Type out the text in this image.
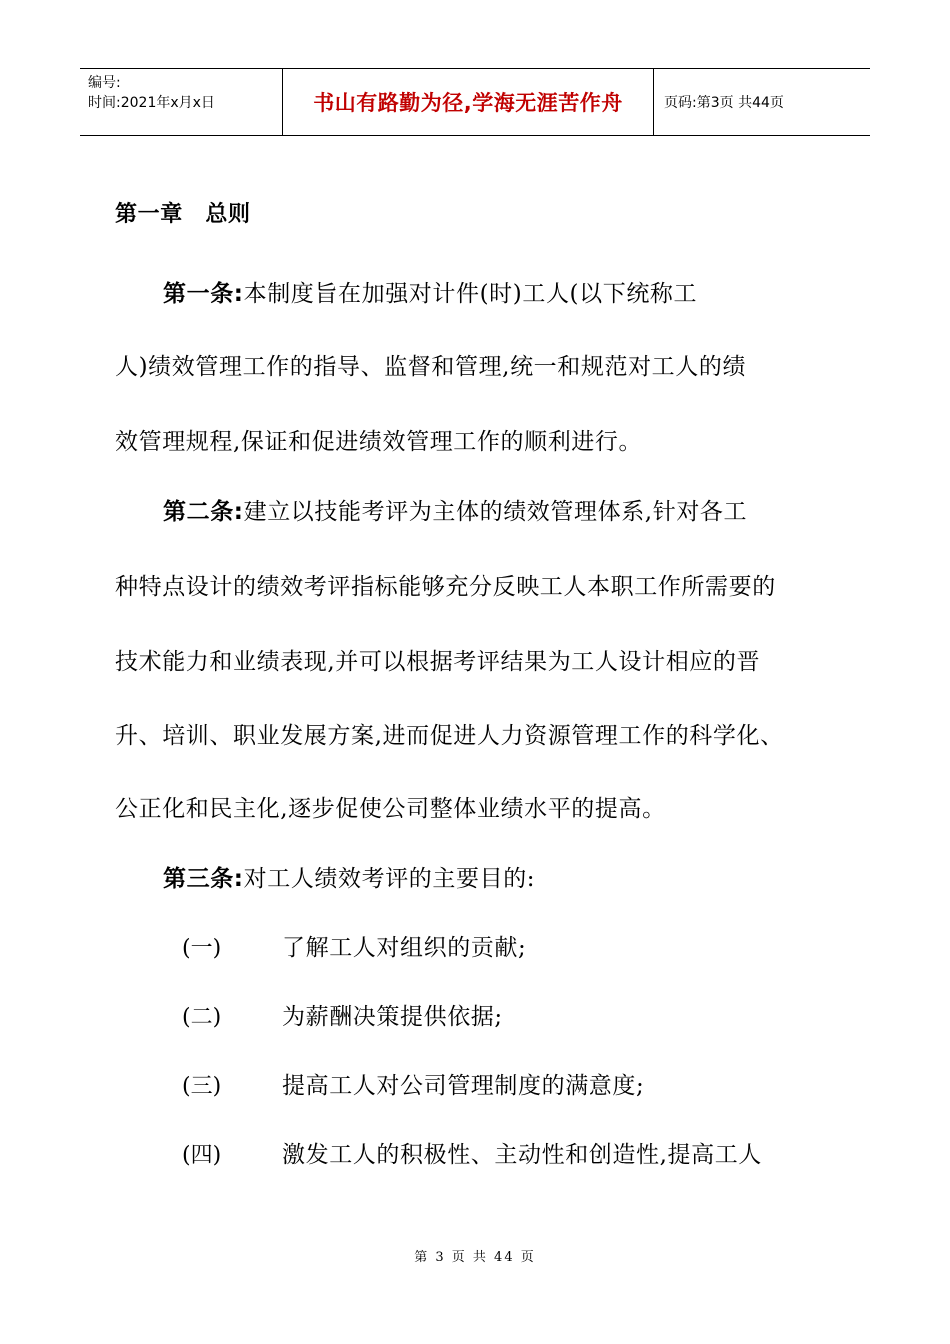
编号:
时间:2021年x月x日	书山有路勤为径,学海无涯苦作舟	页码:第3页 共44页
第一章　总则
第一条:本制度旨在加强对计件(时)工人(以下统称工
人)绩效管理工作的指导、监督和管理,统一和规范对工人的绩
效管理规程,保证和促进绩效管理工作的顺利进行。
第二条:建立以技能考评为主体的绩效管理体系,针对各工
种特点设计的绩效考评指标能够充分反映工人本职工作所需要的
技术能力和业绩表现,并可以根据考评结果为工人设计相应的晋
升、培训、职业发展方案,进而促进人力资源管理工作的科学化、
公正化和民主化,逐步促使公司整体业绩水平的提高。
第三条:对工人绩效考评的主要目的:
(一)	了解工人对组织的贡献;
(二)	为薪酬决策提供依据;
(三)	提高工人对公司管理制度的满意度;
(四)	激发工人的积极性、主动性和创造性,提高工人
第 3 页 共 44 页
